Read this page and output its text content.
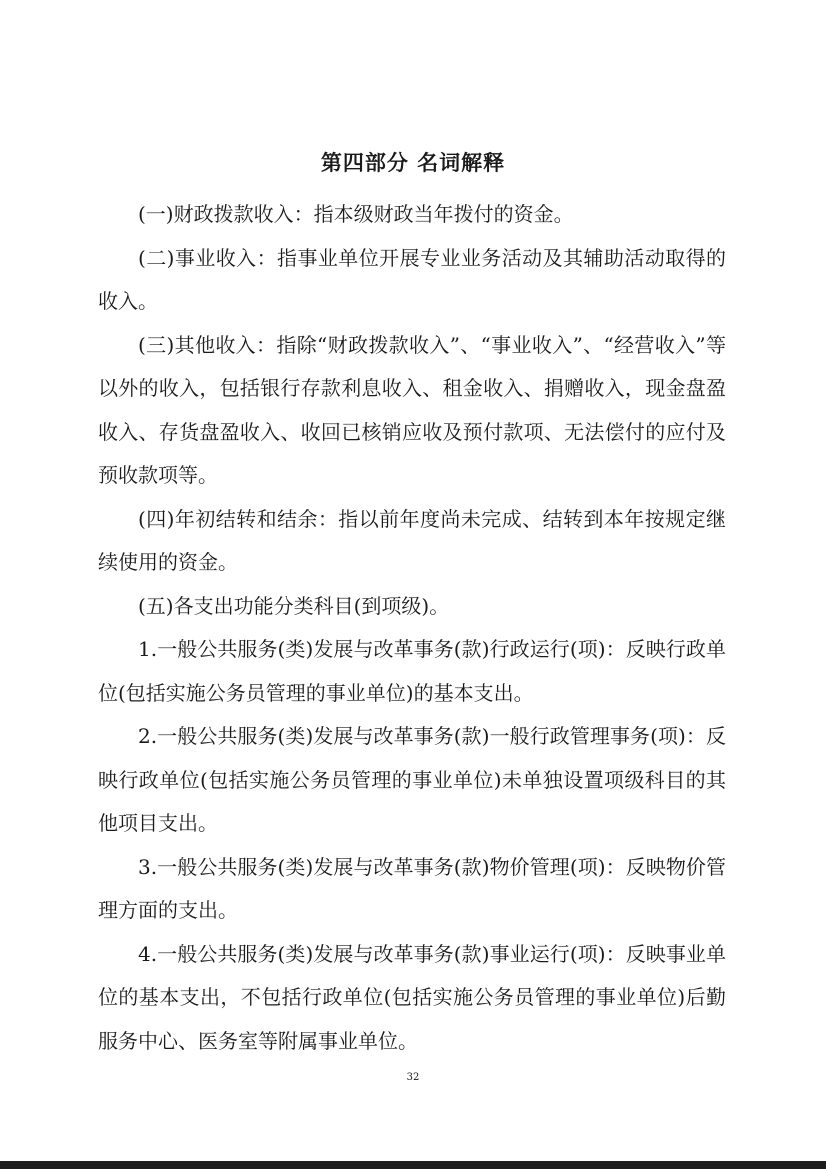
第四部分 名词解释

(一)财政拨款收入：指本级财政当年拨付的资金。

(二)事业收入：指事业单位开展专业业务活动及其辅助活动取得的收入。

(三)其他收入：指除“财政拨款收入”、“事业收入”、“经营收入”等以外的收入，包括银行存款利息收入、租金收入、捐赠收入，现金盘盈收入、存货盘盈收入、收回已核销应收及预付款项、无法偿付的应付及预收款项等。

(四)年初结转和结余：指以前年度尚未完成、结转到本年按规定继续使用的资金。

(五)各支出功能分类科目(到项级)。

1.一般公共服务(类)发展与改革事务(款)行政运行(项)：反映行政单位(包括实施公务员管理的事业单位)的基本支出。

2.一般公共服务(类)发展与改革事务(款)一般行政管理事务(项)：反映行政单位(包括实施公务员管理的事业单位)未单独设置项级科目的其他项目支出。

3.一般公共服务(类)发展与改革事务(款)物价管理(项)：反映物价管理方面的支出。

4.一般公共服务(类)发展与改革事务(款)事业运行(项)：反映事业单位的基本支出，不包括行政单位(包括实施公务员管理的事业单位)后勤服务中心、医务室等附属事业单位。

32
